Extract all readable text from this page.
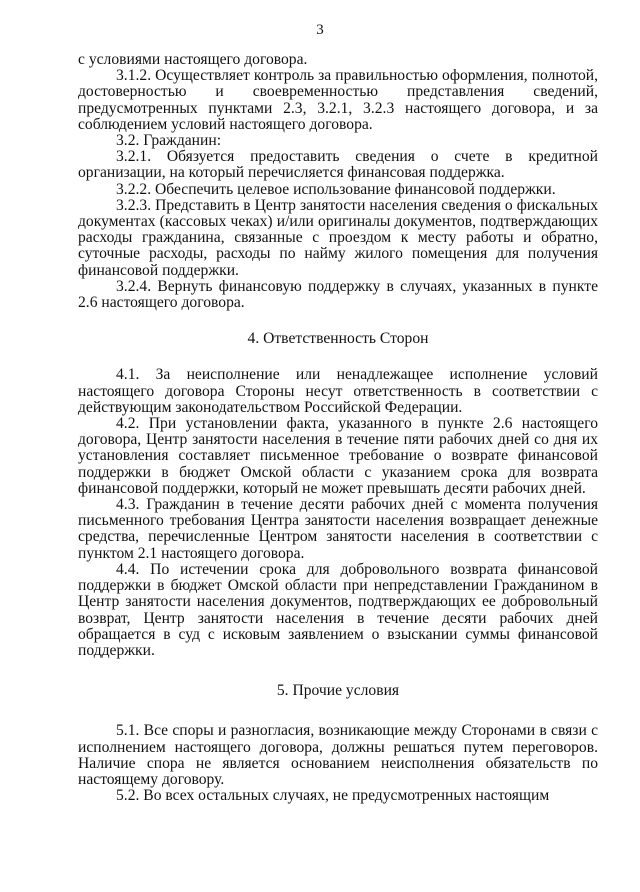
3

с условиями настоящего договора.

3.1.2. Осуществляет контроль за правильностью оформления, полнотой, достоверностью и своевременностью представления сведений, предусмотренных пунктами 2.3, 3.2.1, 3.2.3 настоящего договора, и за соблюдением условий настоящего договора.

3.2. Гражданин:

3.2.1. Обязуется предоставить сведения о счете в кредитной организации, на который перечисляется финансовая поддержка.

3.2.2. Обеспечить целевое использование финансовой поддержки.

3.2.3. Представить в Центр занятости населения сведения о фискальных документах (кассовых чеках) и/или оригиналы документов, подтверждающих расходы гражданина, связанные с проездом к месту работы и обратно, суточные расходы, расходы по найму жилого помещения для получения финансовой поддержки.

3.2.4. Вернуть финансовую поддержку в случаях, указанных в пункте 2.6 настоящего договора.

4. Ответственность Сторон

4.1. За неисполнение или ненадлежащее исполнение условий настоящего договора Стороны несут ответственность в соответствии с действующим законодательством Российской Федерации.

4.2. При установлении факта, указанного в пункте 2.6 настоящего договора, Центр занятости населения в течение пяти рабочих дней со дня их установления составляет письменное требование о возврате финансовой поддержки в бюджет Омской области с указанием срока для возврата финансовой поддержки, который не может превышать десяти рабочих дней.

4.3. Гражданин в течение десяти рабочих дней с момента получения письменного требования Центра занятости населения возвращает денежные средства, перечисленные Центром занятости населения в соответствии с пунктом 2.1 настоящего договора.

4.4. По истечении срока для добровольного возврата финансовой поддержки в бюджет Омской области при непредставлении Гражданином в Центр занятости населения документов, подтверждающих ее добровольный возврат, Центр занятости населения в течение десяти рабочих дней обращается в суд с исковым заявлением о взыскании суммы финансовой поддержки.

5. Прочие условия

5.1. Все споры и разногласия, возникающие между Сторонами в связи с исполнением настоящего договора, должны решаться путем переговоров. Наличие спора не является основанием неисполнения обязательств по настоящему договору.

5.2. Во всех остальных случаях, не предусмотренных настоящим
